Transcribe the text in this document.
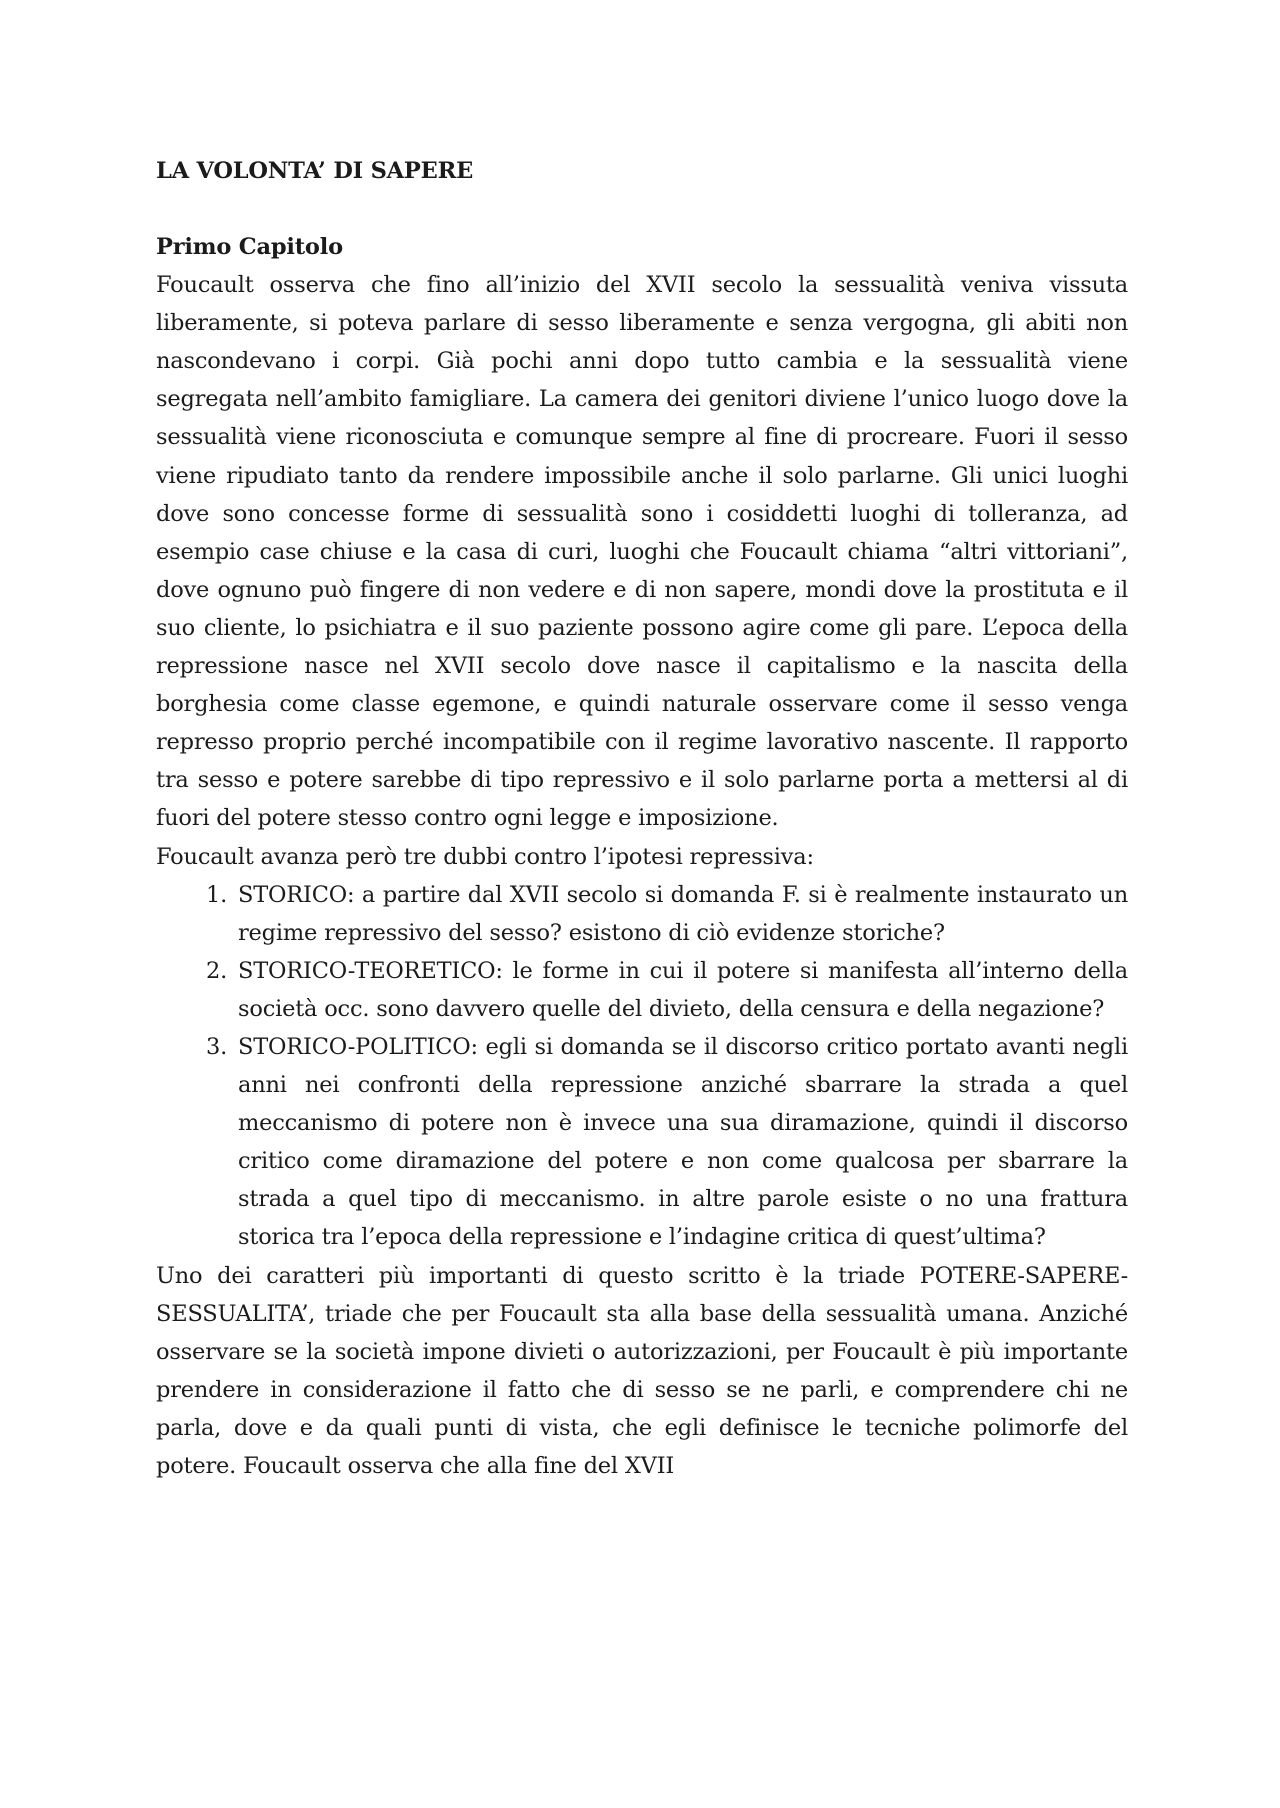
LA VOLONTA’ DI SAPERE
Primo Capitolo

Foucault osserva che fino all’inizio del XVII secolo la sessualità veniva vissuta liberamente, si poteva parlare di sesso liberamente e senza vergogna, gli abiti non nascondevano i corpi. Già pochi anni dopo tutto cambia e la sessualità viene segregata nell’ambito famigliare. La camera dei genitori diviene l’unico luogo dove la sessualità viene riconosciuta e comunque sempre al fine di procreare. Fuori il sesso viene ripudiato tanto da rendere impossibile anche il solo parlarne. Gli unici luoghi dove sono concesse forme di sessualità sono i cosiddetti luoghi di tolleranza, ad esempio case chiuse e la casa di curi, luoghi che Foucault chiama “altri vittoriani”, dove ognuno può fingere di non vedere e di non sapere, mondi dove la prostituta e il suo cliente, lo psichiatra e il suo paziente possono agire come gli pare. L’epoca della repressione nasce nel XVII secolo dove nasce il capitalismo e la nascita della borghesia come classe egemone, e quindi naturale osservare come il sesso venga represso proprio perché incompatibile con il regime lavorativo nascente. Il rapporto tra sesso e potere sarebbe di tipo repressivo e il solo parlarne porta a mettersi al di fuori del potere stesso contro ogni legge e imposizione.

Foucault avanza però tre dubbi contro l’ipotesi repressiva:

1. STORICO: a partire dal XVII secolo si domanda F. si è realmente instaurato un regime repressivo del sesso? esistono di ciò evidenze storiche?
2. STORICO-TEORETICO: le forme in cui il potere si manifesta all’interno della società occ. sono davvero quelle del divieto, della censura e della negazione?
3. STORICO-POLITICO: egli si domanda se il discorso critico portato avanti negli anni nei confronti della repressione anziché sbarrare la strada a quel meccanismo di potere non è invece una sua diramazione, quindi il discorso critico come diramazione del potere e non come qualcosa per sbarrare la strada a quel tipo di meccanismo. in altre parole esiste o no una frattura storica tra l’epoca della repressione e l’indagine critica di quest’ultima?

Uno dei caratteri più importanti di questo scritto è la triade POTERE-SAPERE-SESSUALITA’, triade che per Foucault sta alla base della sessualità umana. Anziché osservare se la società impone divieti o autorizzazioni, per Foucault è più importante prendere in considerazione il fatto che di sesso se ne parli, e comprendere chi ne parla, dove e da quali punti di vista, che egli definisce le tecniche polimorfe del potere. Foucault osserva che alla fine del XVII
